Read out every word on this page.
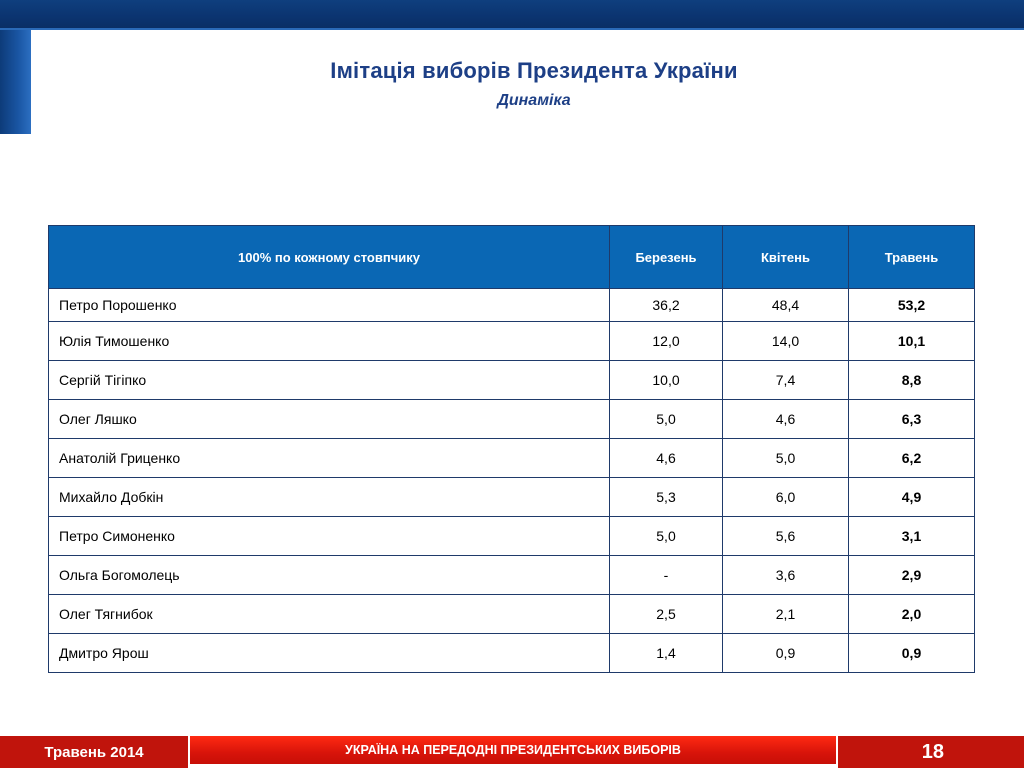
Імітація виборів Президента України
Динаміка
100% по кожному стовпчику	Березень	Квітень	Травень
Петро Порошенко	36,2	48,4	53,2
Юлія Тимошенко	12,0	14,0	10,1
Сергій Тігіпко	10,0	7,4	8,8
Олег Ляшко	5,0	4,6	6,3
Анатолій Гриценко	4,6	5,0	6,2
Михайло Добкін	5,3	6,0	4,9
Петро Симоненко	5,0	5,6	3,1
Ольга Богомолець	-	3,6	2,9
Олег Тягнибок	2,5	2,1	2,0
Дмитро Ярош	1,4	0,9	0,9
Травень 2014	УКРАЇНА НА ПЕРЕДОДНІ ПРЕЗИДЕНТСЬКИХ ВИБОРІВ	18
